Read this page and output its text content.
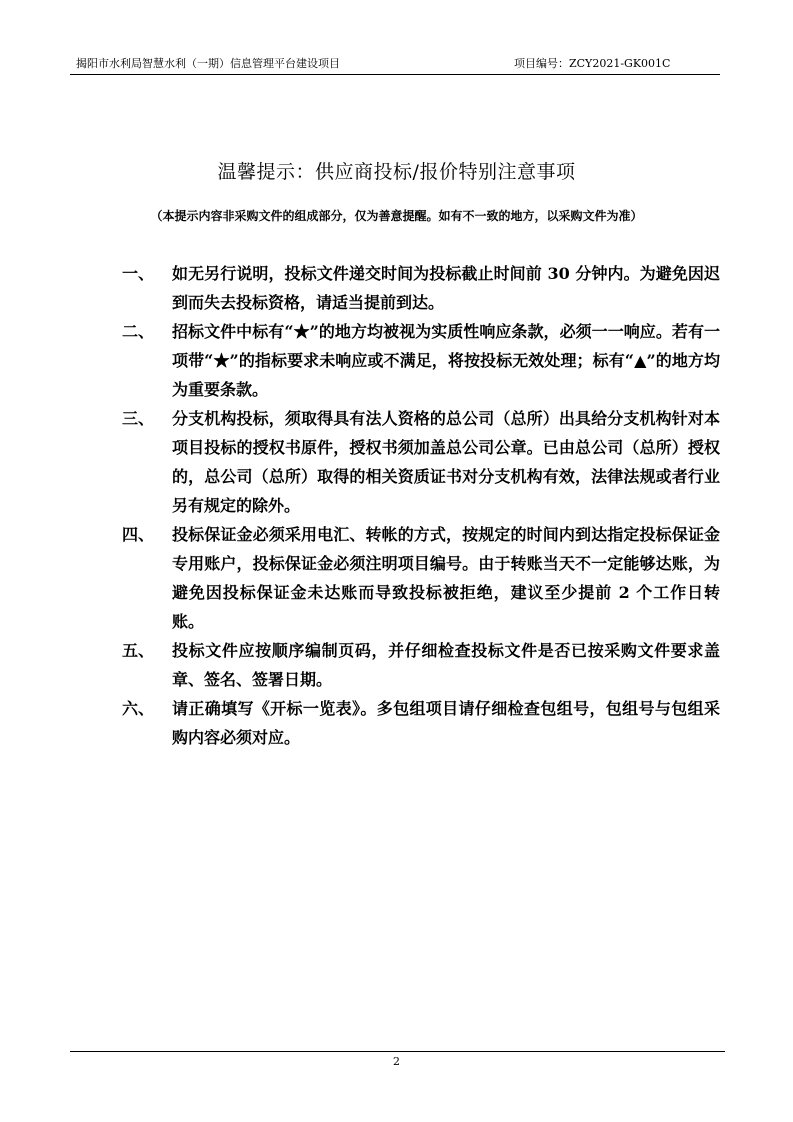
揭阳市水利局智慧水利（一期）信息管理平台建设项目	项目编号：ZCY2021-GK001C
温馨提示：供应商投标/报价特别注意事项
（本提示内容非采购文件的组成部分，仅为善意提醒。如有不一致的地方，以采购文件为准）
一、 如无另行说明，投标文件递交时间为投标截止时间前 30 分钟内。为避免因迟到而失去投标资格，请适当提前到达。
二、 招标文件中标有“★”的地方均被视为实质性响应条款，必须一一响应。若有一项带“★”的指标要求未响应或不满足，将按投标无效处理；标有“▲”的地方均为重要条款。
三、 分支机构投标，须取得具有法人资格的总公司（总所）出具给分支机构针对本项目投标的授权书原件，授权书须加盖总公司公章。已由总公司（总所）授权的，总公司（总所）取得的相关资质证书对分支机构有效，法律法规或者行业另有规定的除外。
四、 投标保证金必须采用电汇、转帐的方式，按规定的时间内到达指定投标保证金专用账户，投标保证金必须注明项目编号。由于转账当天不一定能够达账，为避免因投标保证金未达账而导致投标被拒绝，建议至少提前 2 个工作日转账。
五、 投标文件应按顺序编制页码，并仔细检查投标文件是否已按采购文件要求盖章、签名、签署日期。
六、 请正确填写《开标一览表》。多包组项目请仔细检查包组号，包组号与包组采购内容必须对应。
2
